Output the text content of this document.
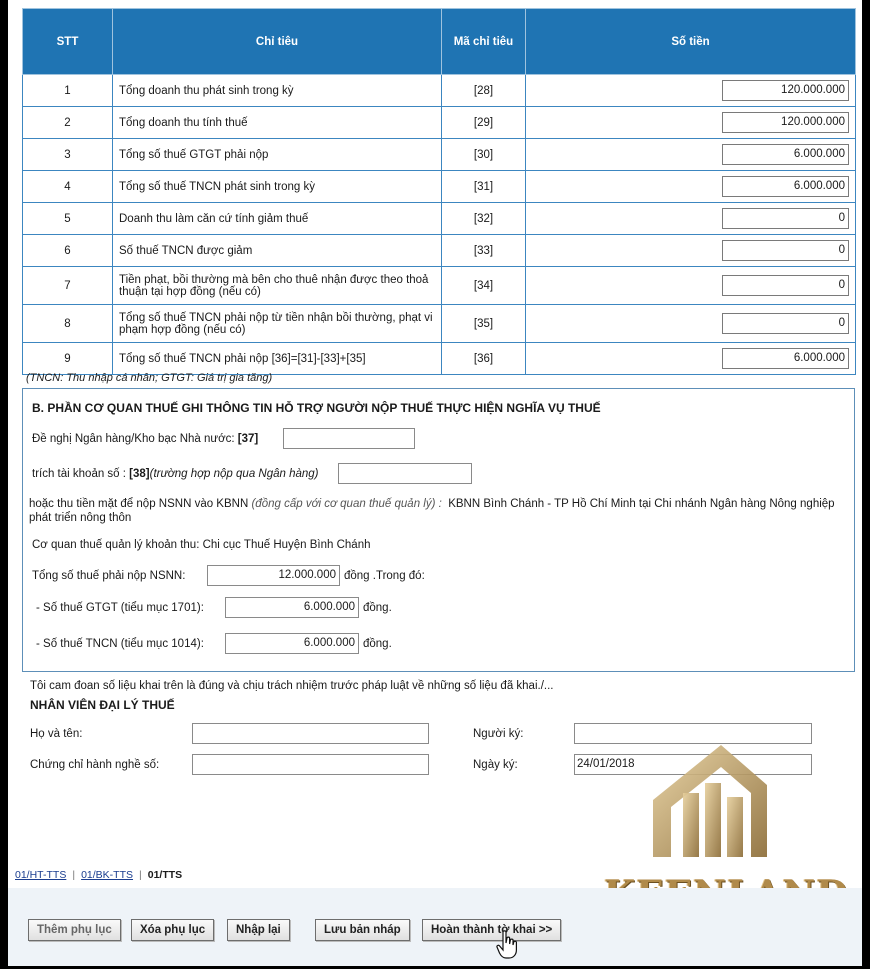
STT	Chỉ tiêu	Mã chỉ tiêu	Số tiền
1	Tổng doanh thu phát sinh trong kỳ	[28]	120.000.000
2	Tổng doanh thu tính thuế	[29]	120.000.000
3	Tổng số thuế GTGT phải nộp	[30]	6.000.000
4	Tổng số thuế TNCN phát sinh trong kỳ	[31]	6.000.000
5	Doanh thu làm căn cứ tính giảm thuế	[32]	0
6	Số thuế TNCN được giảm	[33]	0
7	Tiền phạt, bồi thường mà bên cho thuê nhận được theo thoả thuận tại hợp đồng (nếu có)	[34]	0
8	Tổng số thuế TNCN phải nộp từ tiền nhận bồi thường, phạt vi phạm hợp đồng (nếu có)	[35]	0
9	Tổng số thuế TNCN phải nộp [36]=[31]-[33]+[35]	[36]	6.000.000
(TNCN: Thu nhập cá nhân; GTGT: Giá trị gia tăng)
B. PHẦN CƠ QUAN THUẾ GHI THÔNG TIN HỖ TRỢ NGƯỜI NỘP THUẾ THỰC HIỆN NGHĨA VỤ THUẾ
Đề nghị Ngân hàng/Kho bạc Nhà nước: [37]
trích tài khoản số : [38](trường hợp nộp qua Ngân hàng)
hoặc thu tiền mặt để nộp NSNN vào KBNN (đồng cấp với cơ quan thuế quản lý) : KBNN Bình Chánh - TP Hồ Chí Minh tại Chi nhánh Ngân hàng Nông nghiệp phát triển nông thôn
Cơ quan thuế quản lý khoản thu: Chi cục Thuế Huyện Bình Chánh
Tổng số thuế phải nộp NSNN:	12.000.000 đồng .Trong đó:
- Số thuế GTGT (tiểu mục 1701):	6.000.000 đồng.
- Số thuế TNCN (tiểu mục 1014):	6.000.000 đồng.
Tôi cam đoan số liệu khai trên là đúng và chịu trách nhiệm trước pháp luật về những số liệu đã khai./...
NHÂN VIÊN ĐẠI LÝ THUẾ
Họ và tên:
Chứng chỉ hành nghề số:
Người ký:
Ngày ký:	24/01/2018
01/HT-TTS | 01/BK-TTS | 01/TTS
Thêm phụ lục	Xóa phụ lục	Nhập lại	Lưu bản nháp	Hoàn thành tờ khai >>
